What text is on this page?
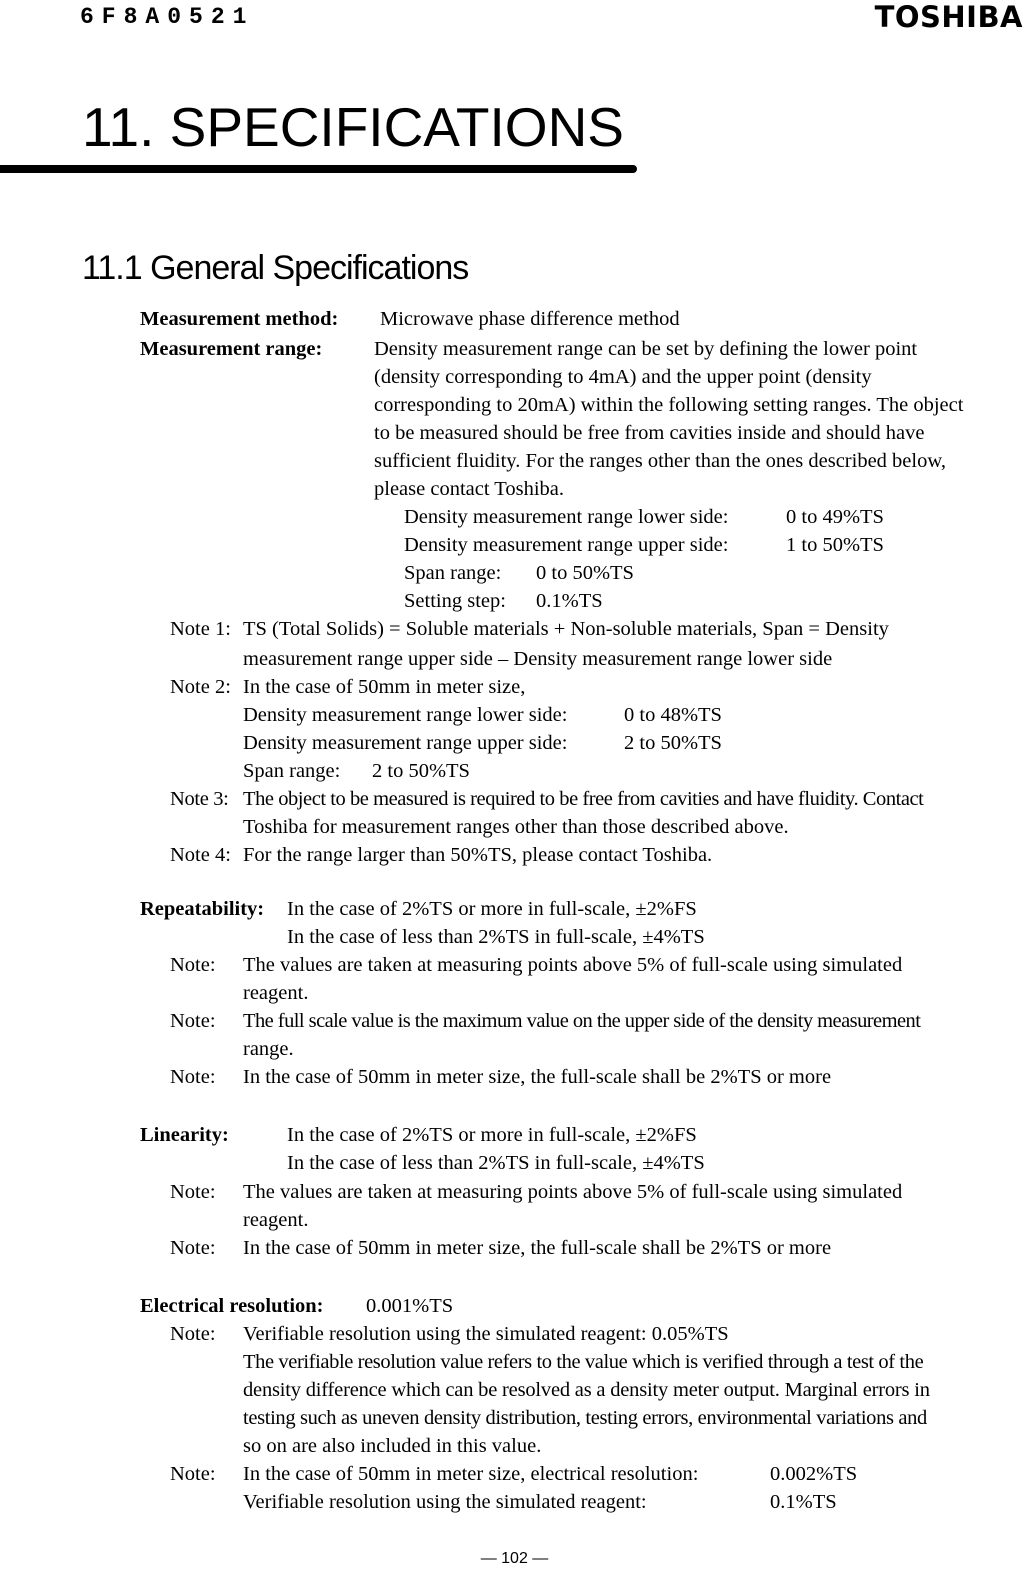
6F8A0521	TOSHIBA
11. SPECIFICATIONS
11.1 General Specifications
Measurement method: Microwave phase difference method
Measurement range:	Density measurement range can be set by defining the lower point
(density corresponding to 4mA) and the upper point (density
corresponding to 20mA) within the following setting ranges. The object
to be measured should be free from cavities inside and should have
sufficient fluidity. For the ranges other than the ones described below,
please contact Toshiba.
Density measurement range lower side:	0 to 49%TS
Density measurement range upper side:	1 to 50%TS
Span range: 0 to 50%TS
Setting step: 0.1%TS
Note 1: TS (Total Solids) = Soluble materials + Non-soluble materials, Span = Density
measurement range upper side – Density measurement range lower side
Note 2: In the case of 50mm in meter size,
Density measurement range lower side:	0 to 48%TS
Density measurement range upper side:	2 to 50%TS
Span range: 2 to 50%TS
Note 3: The object to be measured is required to be free from cavities and have fluidity. Contact
Toshiba for measurement ranges other than those described above.
Note 4: For the range larger than 50%TS, please contact Toshiba.
Repeatability: In the case of 2%TS or more in full-scale, ±2%FS
In the case of less than 2%TS in full-scale, ±4%TS
Note: The values are taken at measuring points above 5% of full-scale using simulated
reagent.
Note: The full scale value is the maximum value on the upper side of the density measurement
range.
Note: In the case of 50mm in meter size, the full-scale shall be 2%TS or more
Linearity:	In the case of 2%TS or more in full-scale, ±2%FS
In the case of less than 2%TS in full-scale, ±4%TS
Note: The values are taken at measuring points above 5% of full-scale using simulated
reagent.
Note: In the case of 50mm in meter size, the full-scale shall be 2%TS or more
Electrical resolution: 0.001%TS
Note: Verifiable resolution using the simulated reagent: 0.05%TS
The verifiable resolution value refers to the value which is verified through a test of the
density difference which can be resolved as a density meter output. Marginal errors in
testing such as uneven density distribution, testing errors, environmental variations and
so on are also included in this value.
Note: In the case of 50mm in meter size, electrical resolution:	0.002%TS
Verifiable resolution using the simulated reagent:	0.1%TS
— 102 —
